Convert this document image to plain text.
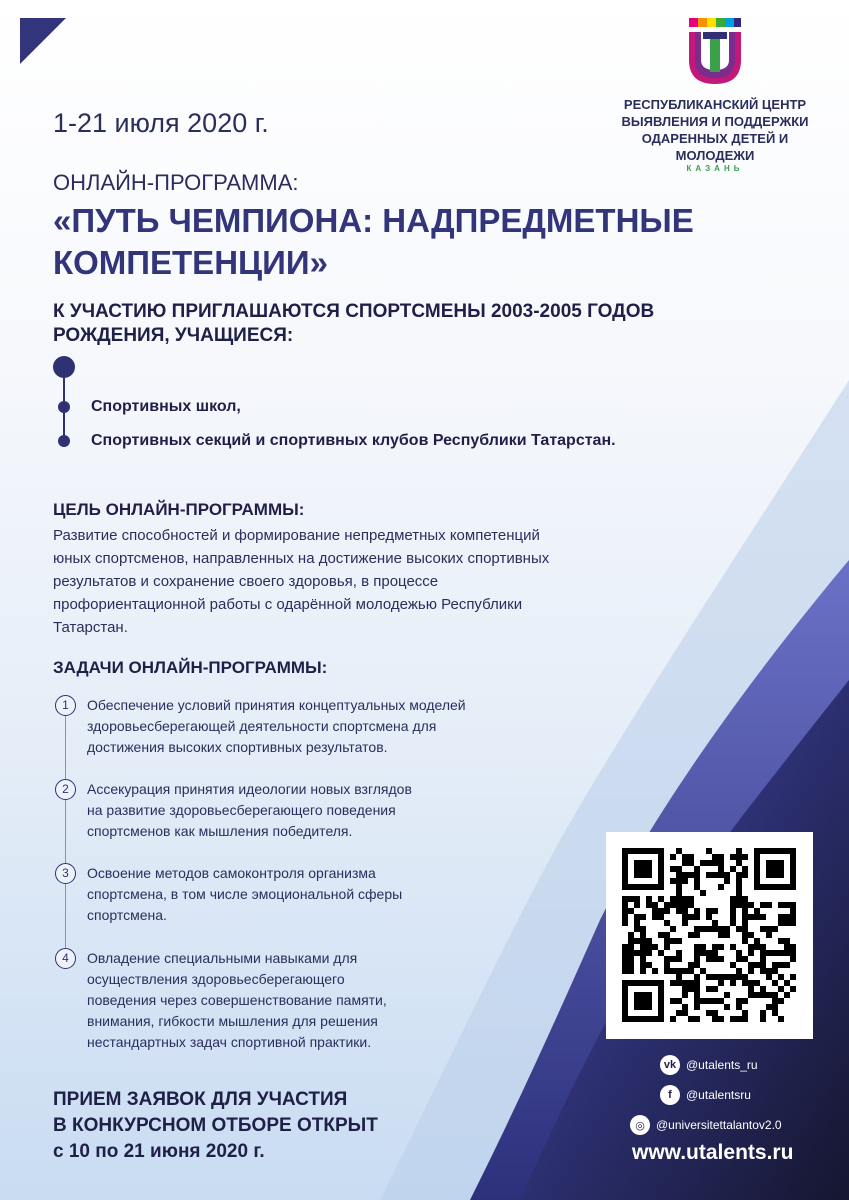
РЕСПУБЛИКАНСКИЙ ЦЕНТР
ВЫЯВЛЕНИЯ И ПОДДЕРЖКИ
ОДАРЕННЫХ ДЕТЕЙ И
МОЛОДЕЖИ
КАЗАНЬ
1-21 июля 2020 г.
ОНЛАЙН-ПРОГРАММА:
«ПУТЬ ЧЕМПИОНА: НАДПРЕДМЕТНЫЕ
КОМПЕТЕНЦИИ»
К УЧАСТИЮ ПРИГЛАШАЮТСЯ СПОРТСМЕНЫ 2003-2005 ГОДОВ
РОЖДЕНИЯ, УЧАЩИЕСЯ:
Спортивных школ,
Спортивных секций и спортивных клубов Республики Татарстан.
ЦЕЛЬ ОНЛАЙН-ПРОГРАММЫ:
Развитие способностей и формирование непредметных компетенций
юных спортсменов, направленных на достижение высоких спортивных
результатов и сохранение своего здоровья, в процессе
профориентационной работы с одарённой молодежью Республики
Татарстан.
ЗАДАЧИ ОНЛАЙН-ПРОГРАММЫ:
1	Обеспечение условий принятия концептуальных моделей
здоровьесберегающей деятельности спортсмена для
достижения высоких спортивных результатов.
2	Ассекурация принятия идеологии новых взглядов
на развитие здоровьесберегающего поведения
спортсменов как мышления победителя.
3	Освоение методов самоконтроля организма
спортсмена, в том числе эмоциональной сферы
спортсмена.
4	Овладение специальными навыками для
осуществления здоровьесберегающего
поведения через совершенствование памяти,
внимания, гибкости мышления для решения
нестандартных задач спортивной практики.
ПРИЕМ ЗАЯВОК ДЛЯ УЧАСТИЯ
В КОНКУРСНОМ ОТБОРЕ ОТКРЫТ
с 10 по 21 июня 2020 г.
vk @utalents_ru
f	@utalentsru
◎ @universitettalantov2.0
www.utalents.ru
